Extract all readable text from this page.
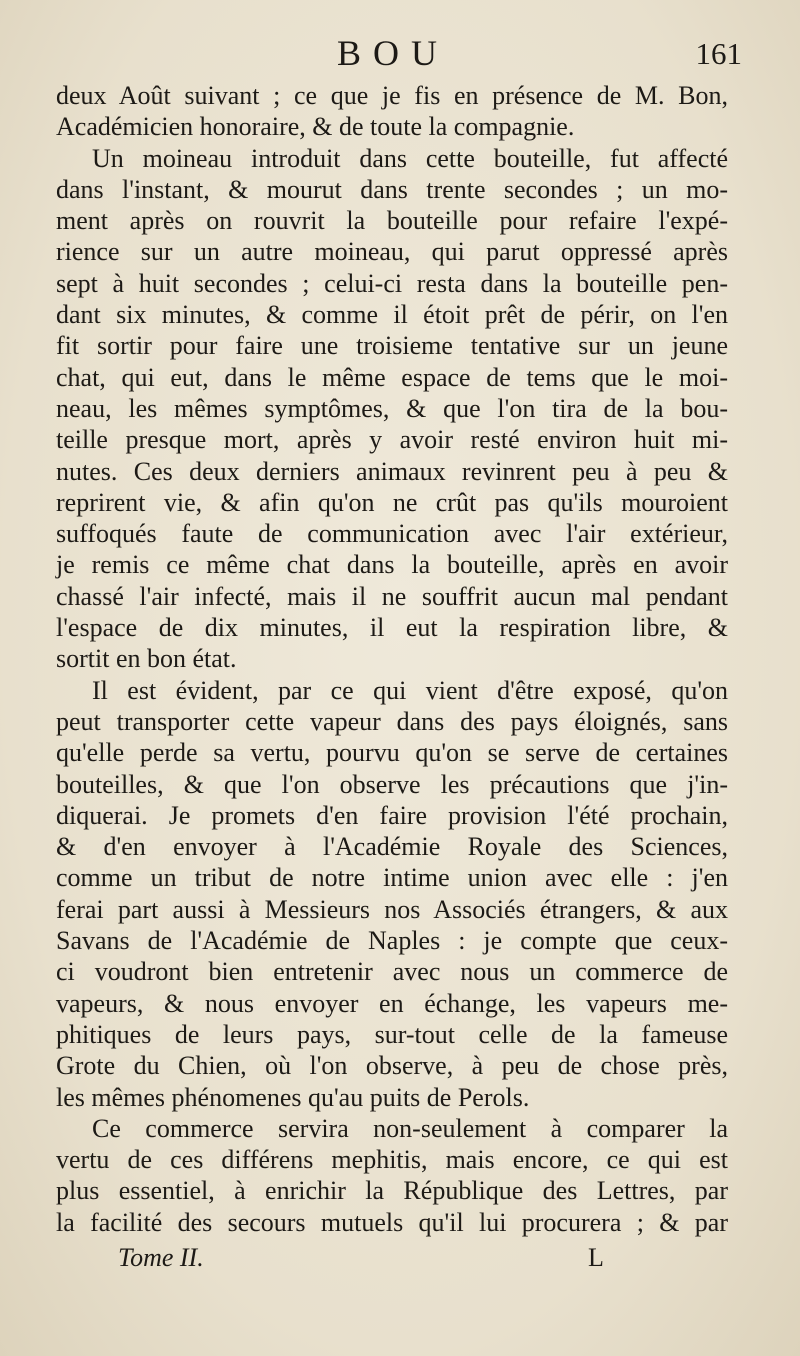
BOU	161
deux Août suivant ; ce que je fis en présence de M. Bon,
Académicien honoraire, & de toute la compagnie.
Un moineau introduit dans cette bouteille, fut affecté
dans l'instant, & mourut dans trente secondes ; un mo-
ment après on rouvrit la bouteille pour refaire l'expé-
rience sur un autre moineau, qui parut oppressé après
sept à huit secondes ; celui-ci resta dans la bouteille pen-
dant six minutes, & comme il étoit prêt de périr, on l'en
fit sortir pour faire une troisieme tentative sur un jeune
chat, qui eut, dans le même espace de tems que le moi-
neau, les mêmes symptômes, & que l'on tira de la bou-
teille presque mort, après y avoir resté environ huit mi-
nutes. Ces deux derniers animaux revinrent peu à peu &
reprirent vie, & afin qu'on ne crût pas qu'ils mouroient
suffoqués faute de communication avec l'air extérieur,
je remis ce même chat dans la bouteille, après en avoir
chassé l'air infecté, mais il ne souffrit aucun mal pendant
l'espace de dix minutes, il eut la respiration libre, &
sortit en bon état.
Il est évident, par ce qui vient d'être exposé, qu'on
peut transporter cette vapeur dans des pays éloignés, sans
qu'elle perde sa vertu, pourvu qu'on se serve de certaines
bouteilles, & que l'on observe les précautions que j'in-
diquerai. Je promets d'en faire provision l'été prochain,
& d'en envoyer à l'Académie Royale des Sciences,
comme un tribut de notre intime union avec elle : j'en
ferai part aussi à Messieurs nos Associés étrangers, & aux
Savans de l'Académie de Naples : je compte que ceux-
ci voudront bien entretenir avec nous un commerce de
vapeurs, & nous envoyer en échange, les vapeurs me-
phitiques de leurs pays, sur-tout celle de la fameuse
Grote du Chien, où l'on observe, à peu de chose près,
les mêmes phénomenes qu'au puits de Perols.
Ce commerce servira non-seulement à comparer la
vertu de ces différens mephitis, mais encore, ce qui est
plus essentiel, à enrichir la République des Lettres, par
la facilité des secours mutuels qu'il lui procurera ; & par
Tome II.	L
